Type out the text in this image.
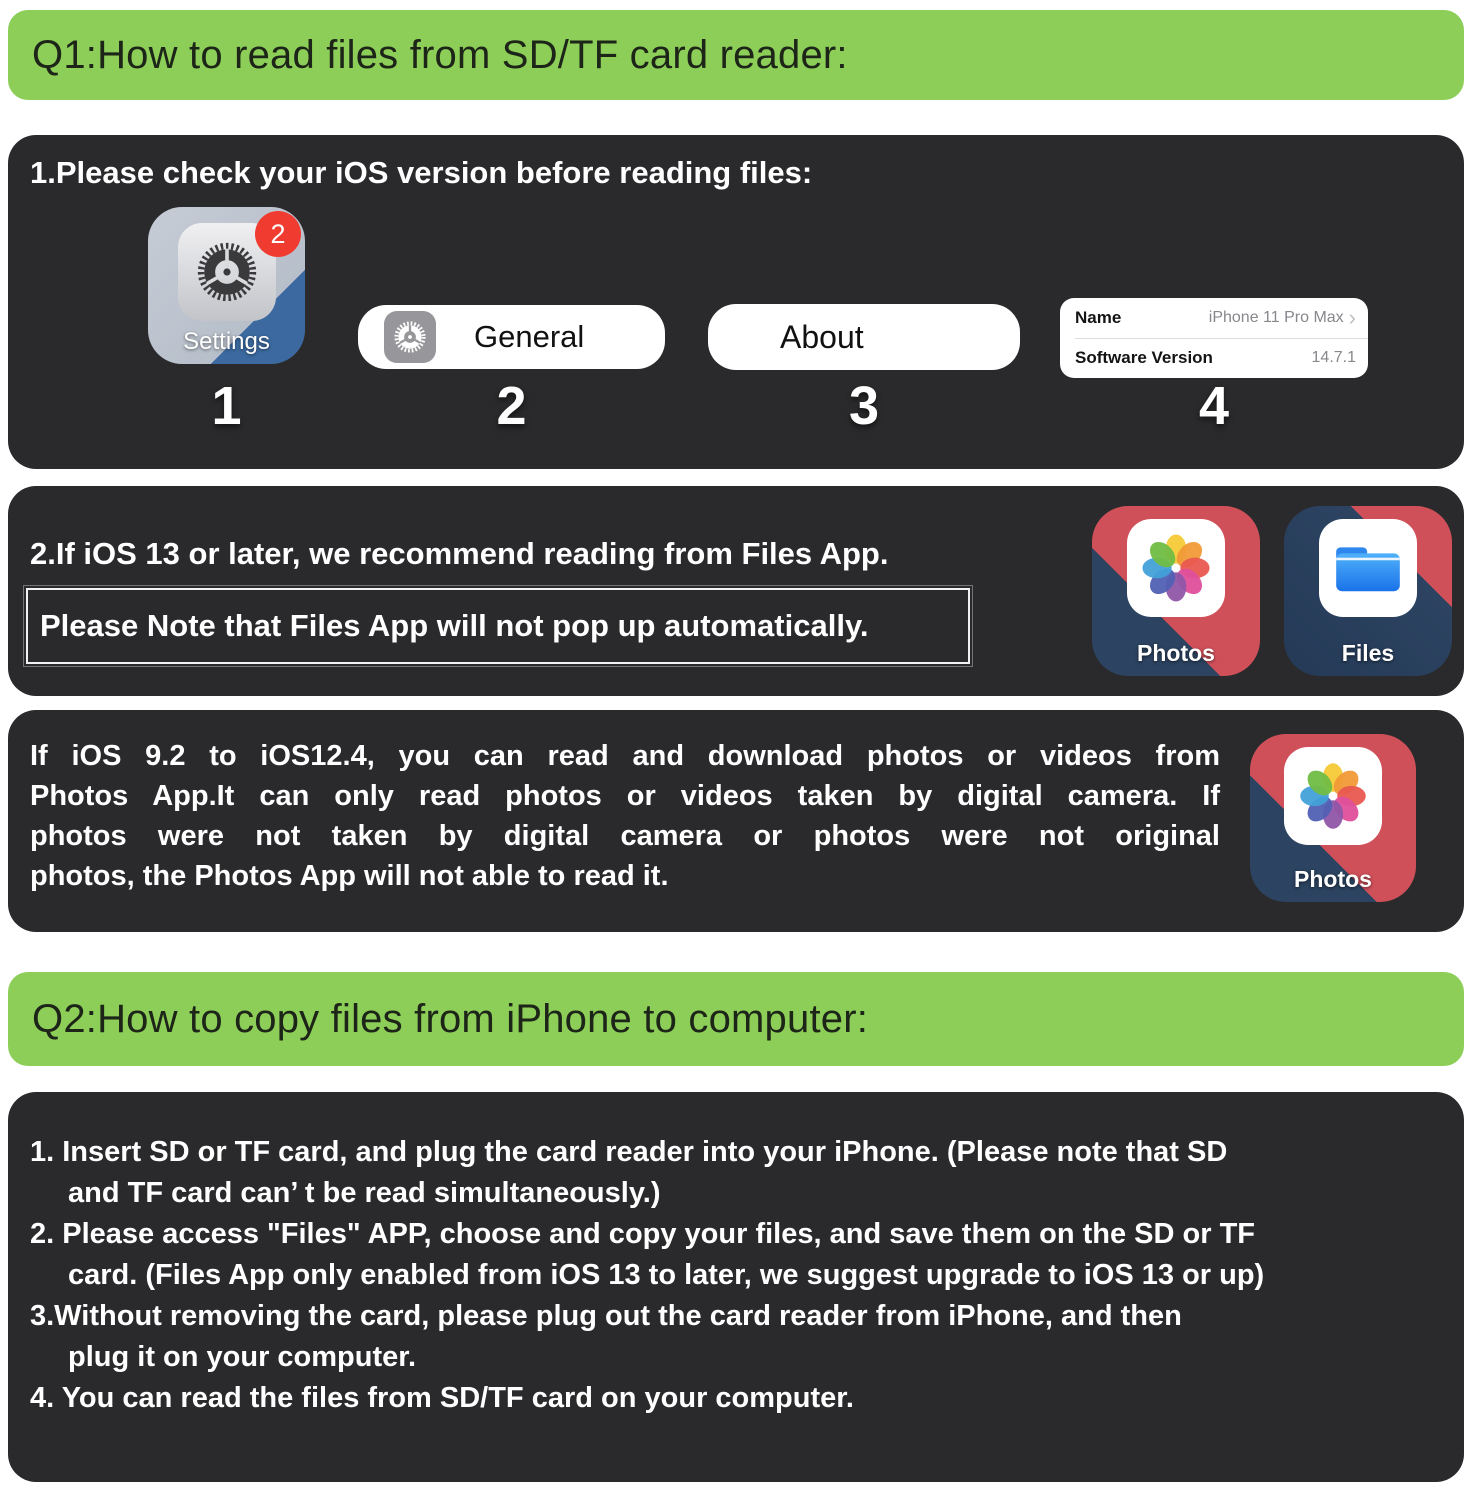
Q1:How to read files from SD/TF card reader:
1.Please check your iOS version before reading files:
2
Settings
1
General
2
About
3
Name	iPhone 11 Pro Max ›
Software Version	14.7.1
4
2.If iOS 13 or later, we recommend reading from Files App.
Please Note that Files App will not pop up automatically.
Photos	Files
If iOS 9.2 to iOS12.4, you can read and download photos or videos from
Photos App.It can only read photos or videos taken by digital camera. If
photos were not taken by digital camera or photos were not original
photos, the Photos App will not able to read it.	Photos
Q2:How to copy files from iPhone to computer:
1. Insert SD or TF card, and plug the card reader into your iPhone. (Please note that SD
and TF card can’ t be read simultaneously.)
2. Please access "Files" APP, choose and copy your files, and save them on the SD or TF
card. (Files App only enabled from iOS 13 to later, we suggest upgrade to iOS 13 or up)
3.Without removing the card, please plug out the card reader from iPhone, and then
plug it on your computer.
4. You can read the files from SD/TF card on your computer.
